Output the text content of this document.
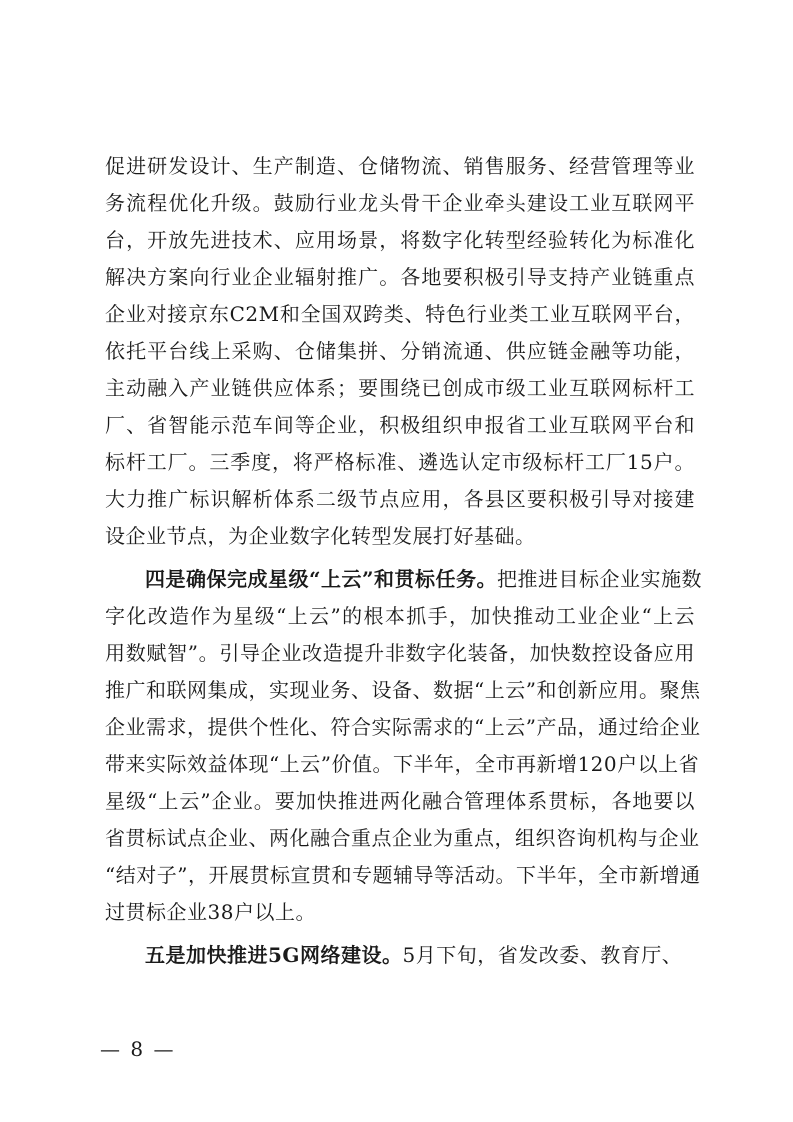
促进研发设计、生产制造、仓储物流、销售服务、经营管理等业
务流程优化升级。鼓励行业龙头骨干企业牵头建设工业互联网平
台，开放先进技术、应用场景，将数字化转型经验转化为标准化
解决方案向行业企业辐射推广。各地要积极引导支持产业链重点
企业对接京东C2M和全国双跨类、特色行业类工业互联网平台，
依托平台线上采购、仓储集拼、分销流通、供应链金融等功能，
主动融入产业链供应体系；要围绕已创成市级工业互联网标杆工
厂、省智能示范车间等企业，积极组织申报省工业互联网平台和
标杆工厂。三季度，将严格标准、遴选认定市级标杆工厂15户。
大力推广标识解析体系二级节点应用，各县区要积极引导对接建
设企业节点，为企业数字化转型发展打好基础。
四是确保完成星级“上云”和贯标任务。把推进目标企业实施数
字化改造作为星级“上云”的根本抓手，加快推动工业企业“上云
用数赋智”。引导企业改造提升非数字化装备，加快数控设备应用
推广和联网集成，实现业务、设备、数据“上云”和创新应用。聚焦
企业需求，提供个性化、符合实际需求的“上云”产品，通过给企业
带来实际效益体现“上云”价值。下半年，全市再新增120户以上省
星级“上云”企业。要加快推进两化融合管理体系贯标，各地要以
省贯标试点企业、两化融合重点企业为重点，组织咨询机构与企业
“结对子”，开展贯标宣贯和专题辅导等活动。下半年，全市新增通
过贯标企业38户以上。
五是加快推进5G网络建设。5月下旬，省发改委、教育厅、
— 8 —
